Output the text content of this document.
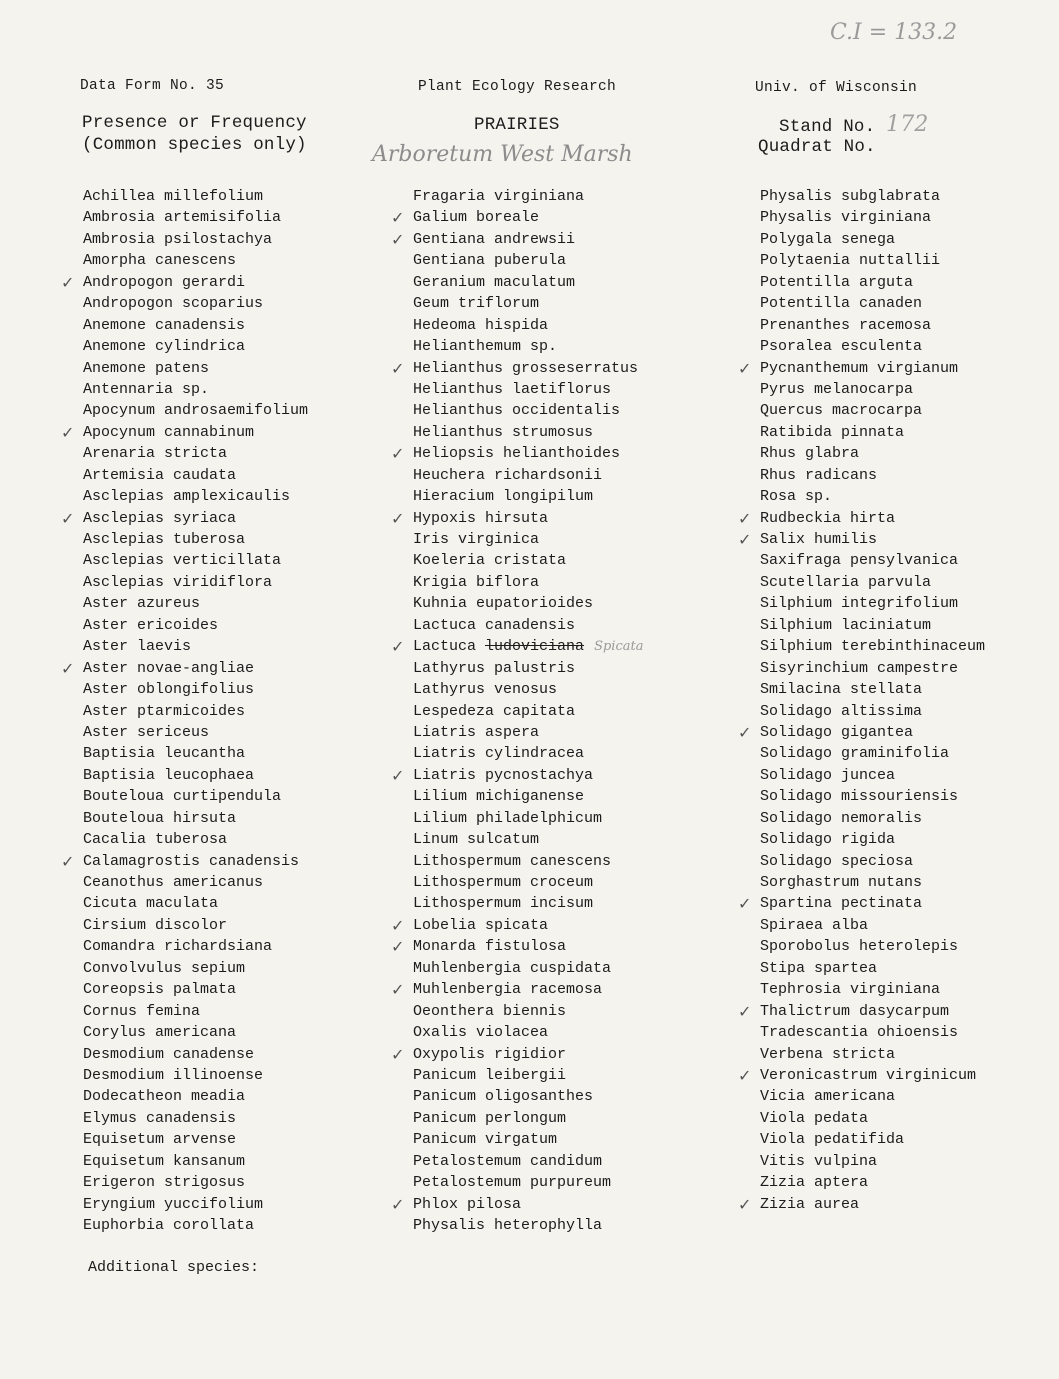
C.I = 133.2
Data Form No. 35	Plant Ecology Research	Univ. of Wisconsin
Presence or Frequency
(Common species only)
PRAIRIES
Arboretum West Marsh
Stand No. 172
Quadrat No.
Achillea millefolium
Ambrosia artemisifolia
Ambrosia psilostachya
Amorpha canescens
✓ Andropogon gerardi
Andropogon scoparius
Anemone canadensis
Anemone cylindrica
Anemone patens
Antennaria sp.
Apocynum androsaemifolium
✓ Apocynum cannabinum
Arenaria stricta
Artemisia caudata
Asclepias amplexicaulis
✓ Asclepias syriaca
Asclepias tuberosa
Asclepias verticillata
Asclepias viridiflora
Aster azureus
Aster ericoides
Aster laevis
✓ Aster novae-angliae
Aster oblongifolius
Aster ptarmicoides
Aster sericeus
Baptisia leucantha
Baptisia leucophaea
Bouteloua curtipendula
Bouteloua hirsuta
Cacalia tuberosa
✓ Calamagrostis canadensis
Ceanothus americanus
Cicuta maculata
Cirsium discolor
Comandra richardsiana
Convolvulus sepium
Coreopsis palmata
Cornus femina
Corylus americana
Desmodium canadense
Desmodium illinoense
Dodecatheon meadia
Elymus canadensis
Equisetum arvense
Equisetum kansanum
Erigeron strigosus
Eryngium yuccifolium
Euphorbia corollata
Fragaria virginiana
✓ Galium boreale
✓ Gentiana andrewsii
Gentiana puberula
Geranium maculatum
Geum triflorum
Hedeoma hispida
Helianthemum sp.
✓ Helianthus grosseserratus
Helianthus laetiflorus
Helianthus occidentalis
Helianthus strumosus
✓ Heliopsis helianthoides
Heuchera richardsonii
Hieracium longipilum
✓ Hypoxis hirsuta
Iris virginica
Koeleria cristata
Krigia biflora
Kuhnia eupatorioides
Lactuca canadensis
✓ Lactuca ludoviciana Spicata
Lathyrus palustris
Lathyrus venosus
Lespedeza capitata
Liatris aspera
Liatris cylindracea
✓ Liatris pycnostachya
Lilium michiganense
Lilium philadelphicum
Linum sulcatum
Lithospermum canescens
Lithospermum croceum
Lithospermum incisum
✓ Lobelia spicata
✓ Monarda fistulosa
Muhlenbergia cuspidata
✓ Muhlenbergia racemosa
Oeonthera biennis
Oxalis violacea
✓ Oxypolis rigidior
Panicum leibergii
Panicum oligosanthes
Panicum perlongum
Panicum virgatum
Petalostemum candidum
Petalostemum purpureum
✓ Phlox pilosa
Physalis heterophylla
Physalis subglabrata
Physalis virginiana
Polygala senega
Polytaenia nuttallii
Potentilla arguta
Potentilla canaden
Prenanthes racemosa
Psoralea esculenta
✓ Pycnanthemum virgianum
Pyrus melanocarpa
Quercus macrocarpa
Ratibida pinnata
Rhus glabra
Rhus radicans
Rosa sp.
✓ Rudbeckia hirta
✓ Salix humilis
Saxifraga pensylvanica
Scutellaria parvula
Silphium integrifolium
Silphium laciniatum
Silphium terebinthinaceum
Sisyrinchium campestre
Smilacina stellata
Solidago altissima
✓ Solidago gigantea
Solidago graminifolia
Solidago juncea
Solidago missouriensis
Solidago nemoralis
Solidago rigida
Solidago speciosa
Sorghastrum nutans
✓ Spartina pectinata
Spiraea alba
Sporobolus heterolepis
Stipa spartea
Tephrosia virginiana
✓ Thalictrum dasycarpum
Tradescantia ohioensis
Verbena stricta
✓ Veronicastrum virginicum
Vicia americana
Viola pedata
Viola pedatifida
Vitis vulpina
Zizia aptera
✓ Zizia aurea
Additional species:
